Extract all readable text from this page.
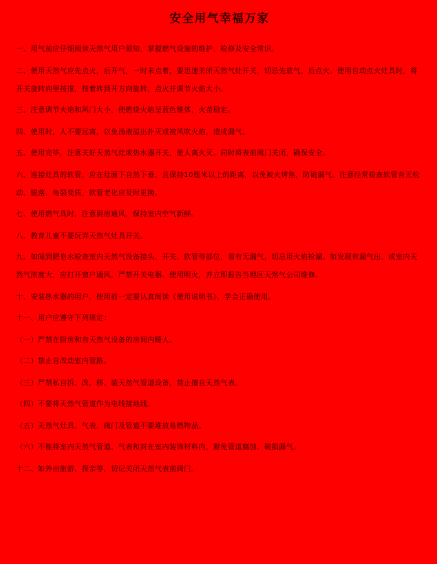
安全用气幸福万家

一、用气前应仔细阅读天然气用户须知，掌握燃气设施的维护、检修及安全常识。

二、使用天然气应先点火，后开气，一时未点着，要迅速关闭天然气灶开关，切忌先放气，后点火。使用自动点火灶具时，将开关旋转向里按推，按着转到开方向旋转，点火并调节火焰大小。

三、注意调节火焰和风门大小，使燃烧火焰呈蓝色锥体，火苗稳定。

四、使用时，人不要远离，以免汤液溢出扑灭或被风吹火焰，造成漏气。

五、使用完毕，注意关好天然气灶或热水器开关，使人离火灭。同时将表前阀门关闭，确保安全。

六、连接灶具的软管，应在灶面下自然下垂，且保持10厘米以上的距离，以免被火烤焦，防破漏气。注意经常检查软管有无松动、脱落、龟裂变质，软管老化应及时更换。

七、使用燃气具时，注意厨房通风，保持室内空气新鲜。

八、教育儿童不要玩弄天然气灶具开关。

九、如闻到肥皂水检查室内天然气设备接头、开关、软管等部位，看有无漏气，切忌用火焰检漏。如发现有漏气出，或室内天然气浓度大，应打开窗户通风，严禁开关电器、使用明火，并立即报告当地区天然气公司维修。

十、安装热水器的用户，使用前一定要认真阅读《使用说明书》，学会正确使用。

十一、用户应遵守下列规定：

（一）严禁在厨房和有天然气设备的房间内睡人。

（二）禁止自改动室内管路。

（三）严禁私自拆、改、移、装天然气管道设备，禁止擅自天然气表。

（四）不要将天然气管道作为电线接地线。

（五）天然气灶具、气表、阀门及管道不要堆放易燃物品。

（六）不能将室内天然气管道、气表和封在室内装饰材料内，避免管道腐蚀、破损漏气。

十二、如外出旅游、探亲等，切记关闭天然气表前阀门。
